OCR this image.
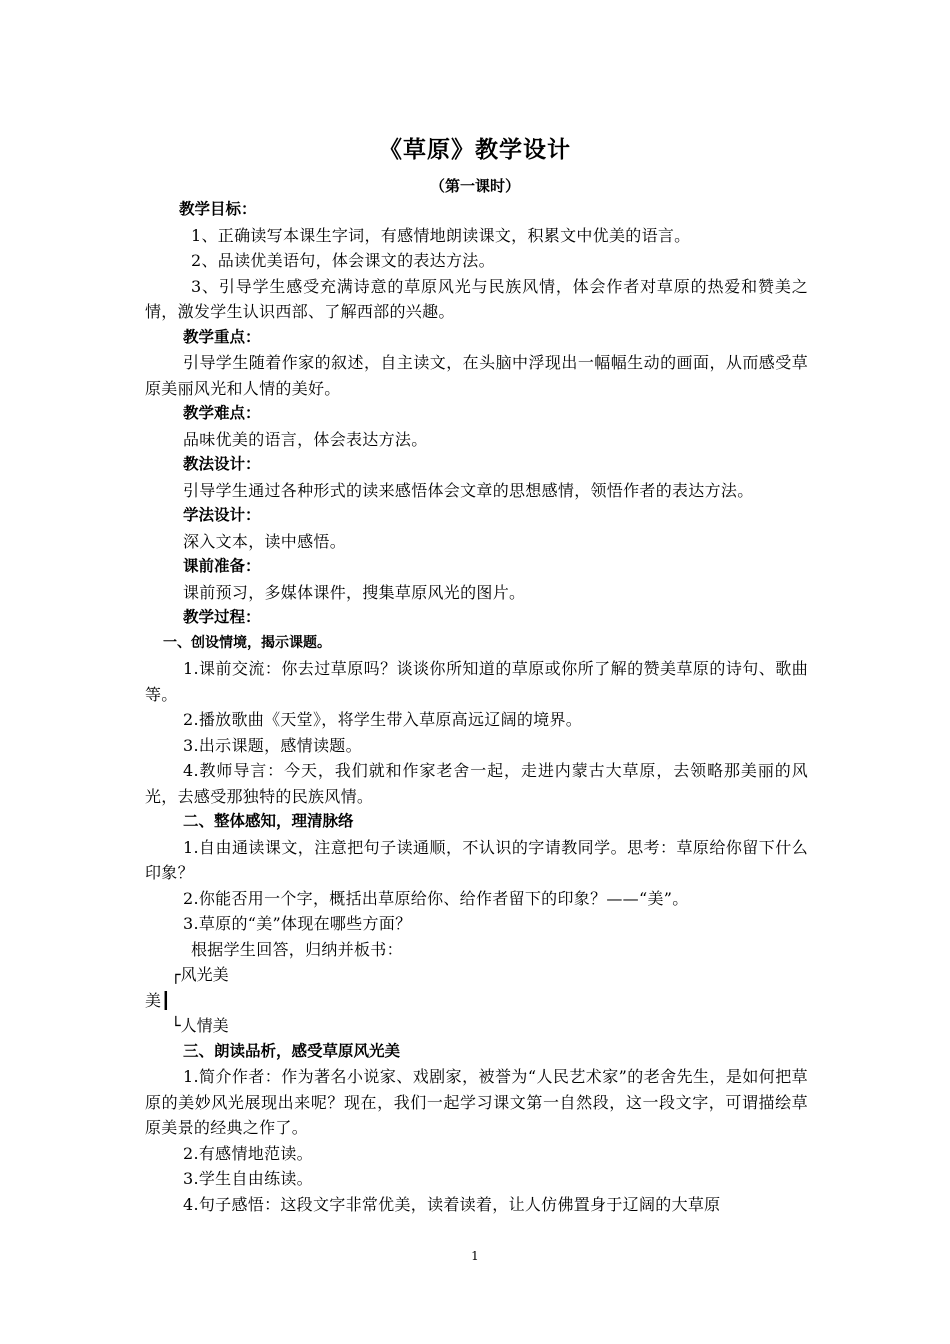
《草原》教学设计
（第一课时）

教学目标：

1、正确读写本课生字词，有感情地朗读课文，积累文中优美的语言。

2、品读优美语句，体会课文的表达方法。

3、引导学生感受充满诗意的草原风光与民族风情，体会作者对草原的热爱和赞美之情，激发学生认识西部、了解西部的兴趣。

教学重点：

引导学生随着作家的叙述，自主读文，在头脑中浮现出一幅幅生动的画面，从而感受草原美丽风光和人情的美好。

教学难点：

品味优美的语言，体会表达方法。

教法设计：

引导学生通过各种形式的读来感悟体会文章的思想感情，领悟作者的表达方法。

学法设计：

深入文本，读中感悟。

课前准备：

课前预习，多媒体课件，搜集草原风光的图片。

教学过程：

一、创设情境，揭示课题。

1.课前交流：你去过草原吗？谈谈你所知道的草原或你所了解的赞美草原的诗句、歌曲等。

2.播放歌曲《天堂》，将学生带入草原高远辽阔的境界。

3.出示课题，感情读题。

4.教师导言：今天，我们就和作家老舍一起，走进内蒙古大草原，去领略那美丽的风光，去感受那独特的民族风情。

二、整体感知，理清脉络

1.自由通读课文，注意把句子读通顺，不认识的字请教同学。思考：草原给你留下什么印象？

2.你能否用一个字，概括出草原给你、给作者留下的印象？——“美”。

3.草原的“美”体现在哪些方面？

根据学生回答，归纳并板书：

┌风光美
美┃
└人情美

三、朗读品析，感受草原风光美

1.简介作者：作为著名小说家、戏剧家，被誉为“人民艺术家”的老舍先生，是如何把草原的美妙风光展现出来呢？现在，我们一起学习课文第一自然段，这一段文字，可谓描绘草原美景的经典之作了。

2.有感情地范读。

3.学生自由练读。

4.句子感悟：这段文字非常优美，读着读着，让人仿佛置身于辽阔的大草原

1
